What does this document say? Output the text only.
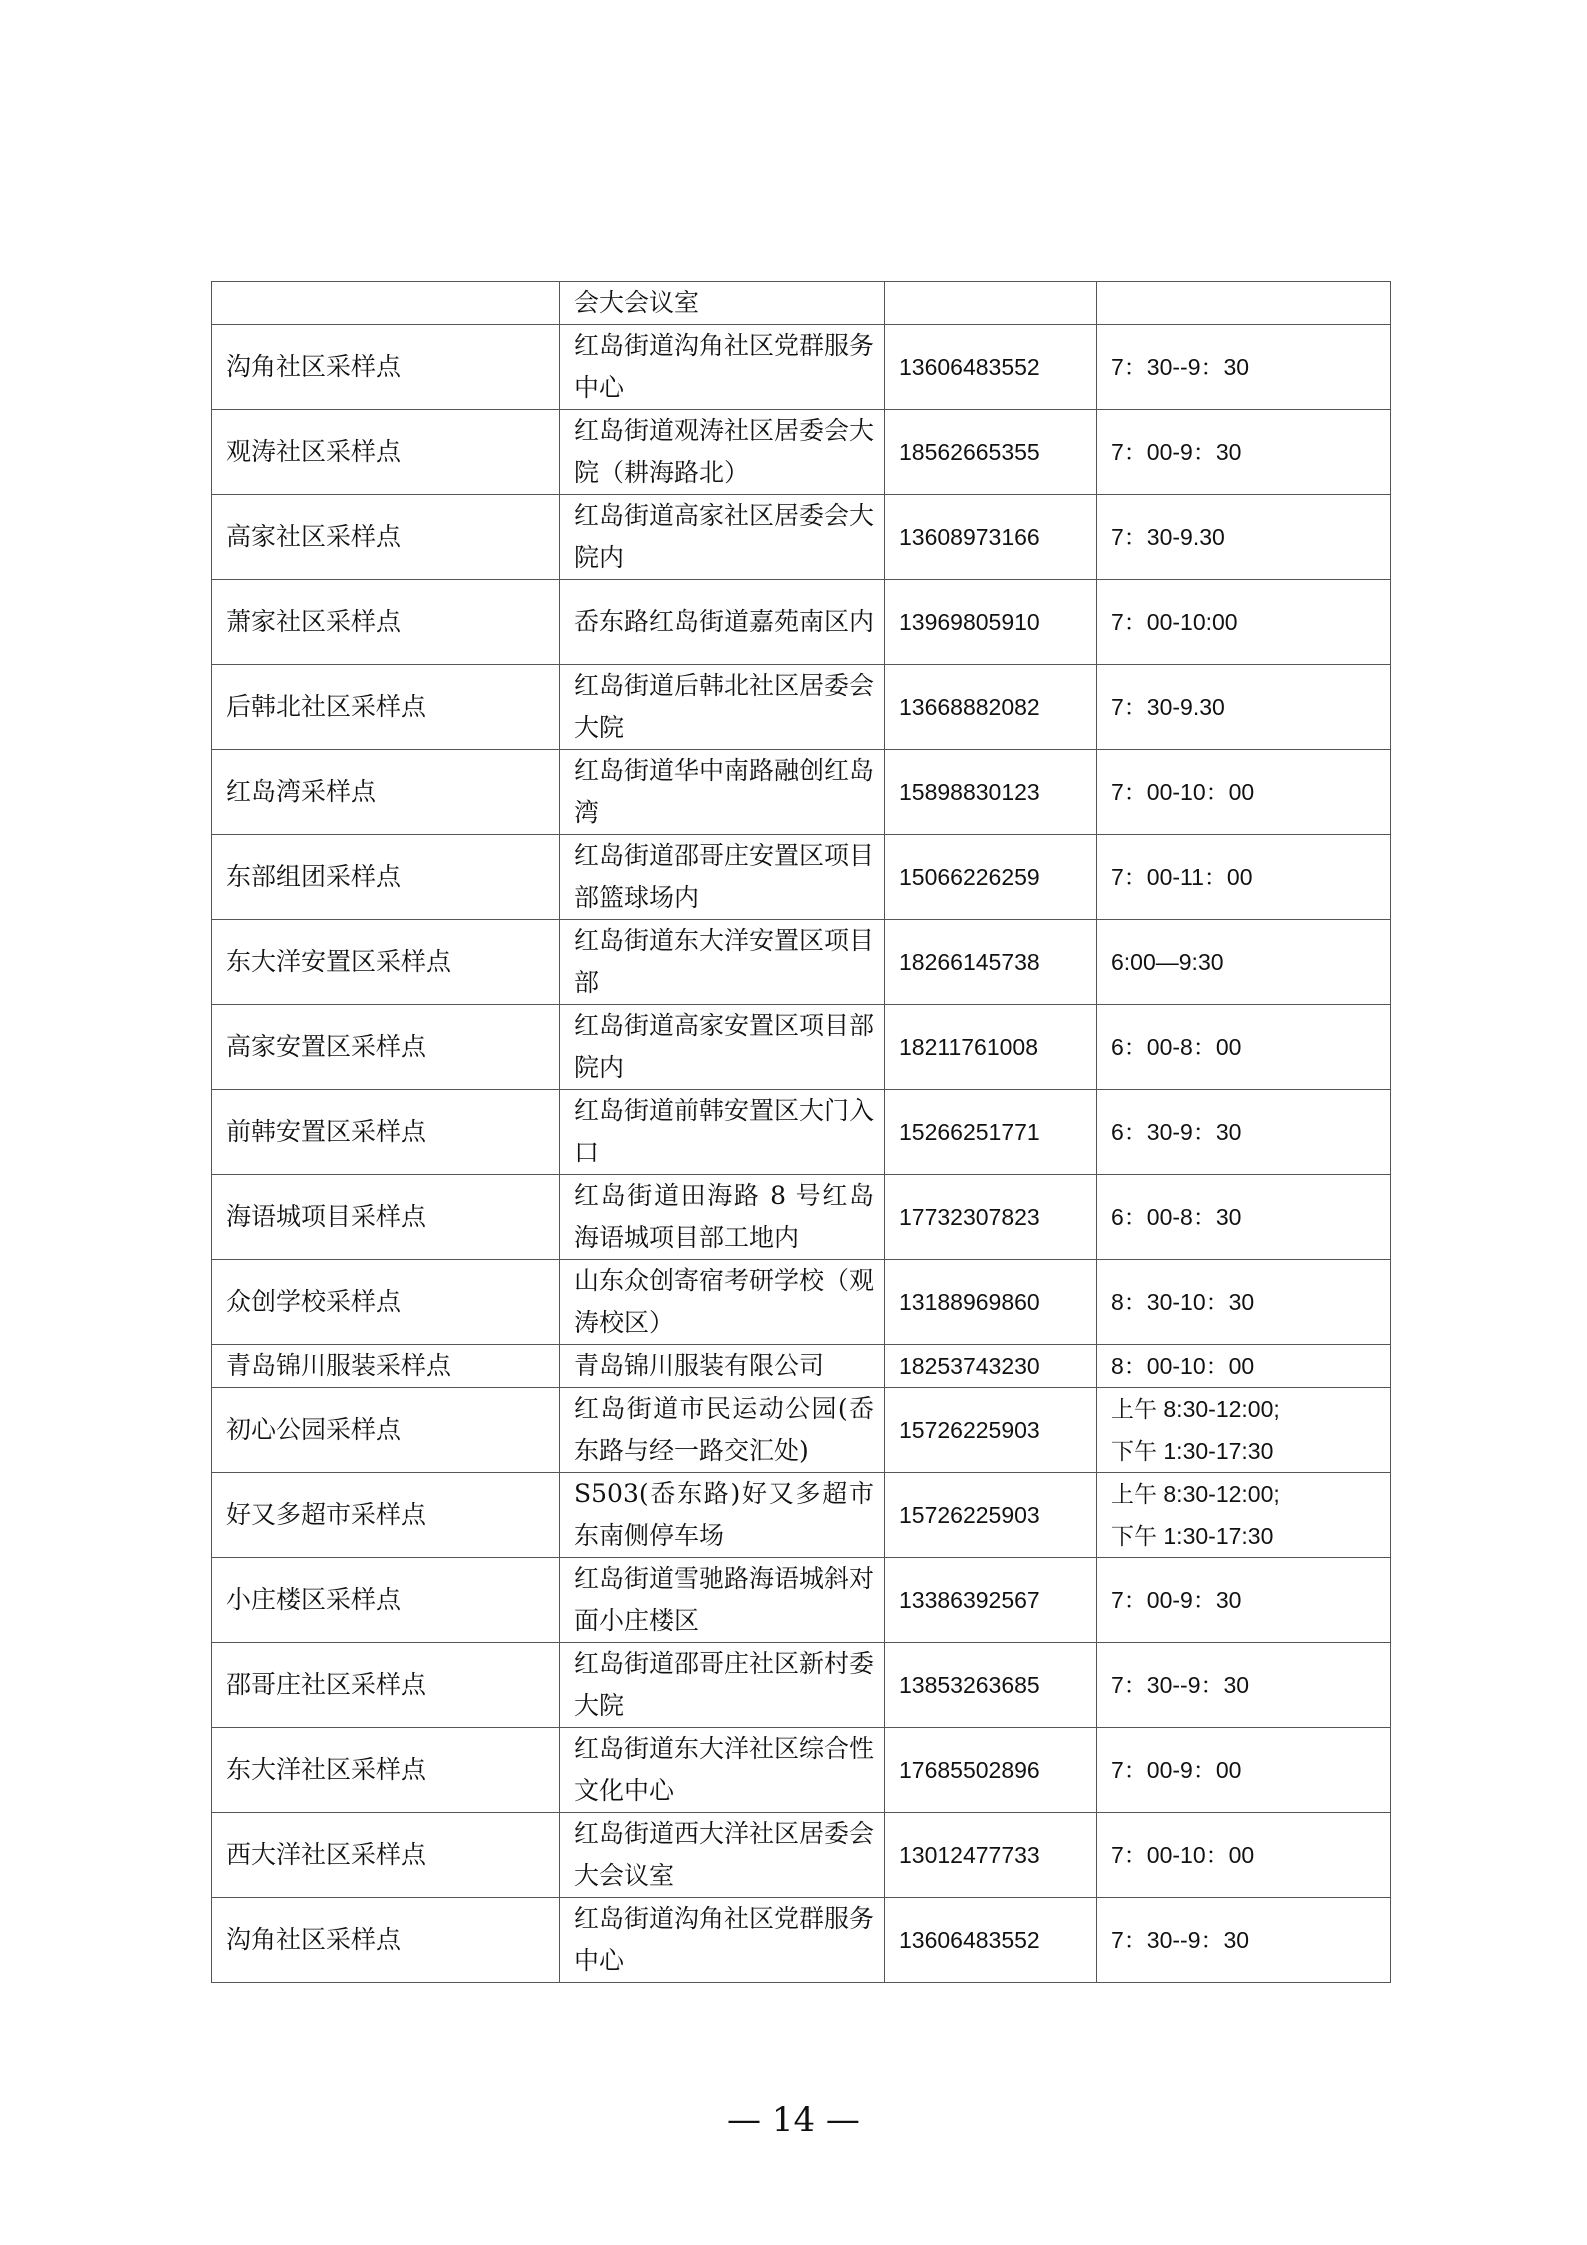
	会大会议室		

沟角社区采样点	红岛街道沟角社区党群服务中心	13606483552	7：30--9：30

观涛社区采样点	红岛街道观涛社区居委会大院（耕海路北）	18562665355	7：00-9：30

高家社区采样点	红岛街道高家社区居委会大院内	13608973166	7：30-9.30

萧家社区采样点	岙东路红岛街道嘉苑南区内	13969805910	7：00-10:00

后韩北社区采样点	红岛街道后韩北社区居委会大院	13668882082	7：30-9.30

红岛湾采样点	红岛街道华中南路融创红岛湾	15898830123	7：00-10：00

东部组团采样点	红岛街道邵哥庄安置区项目部篮球场内	15066226259	7：00-11：00

东大洋安置区采样点	红岛街道东大洋安置区项目部	18266145738	6:00—9:30

高家安置区采样点	红岛街道高家安置区项目部院内	18211761008	6：00-8：00

前韩安置区采样点	红岛街道前韩安置区大门入口	15266251771	6：30-9：30

海语城项目采样点	红岛街道田海路 8 号红岛海语城项目部工地内	17732307823	6：00-8：30

众创学校采样点	山东众创寄宿考研学校（观涛校区）	13188969860	8：30-10：30

青岛锦川服装采样点	青岛锦川服装有限公司	18253743230	8：00-10：00

初心公园采样点	红岛街道市民运动公园(岙东路与经一路交汇处)	15726225903	上午 8:30-12:00;
下午 1:30-17:30

好又多超市采样点	S503(岙东路)好又多超市东南侧停车场	15726225903	上午 8:30-12:00;
下午 1:30-17:30

小庄楼区采样点	红岛街道雪驰路海语城斜对面小庄楼区	13386392567	7：00-9：30

邵哥庄社区采样点	红岛街道邵哥庄社区新村委大院	13853263685	7：30--9：30

东大洋社区采样点	红岛街道东大洋社区综合性文化中心	17685502896	7：00-9：00

西大洋社区采样点	红岛街道西大洋社区居委会大会议室	13012477733	7：00-10：00

沟角社区采样点	红岛街道沟角社区党群服务中心	13606483552	7：30--9：30
— 14 —
